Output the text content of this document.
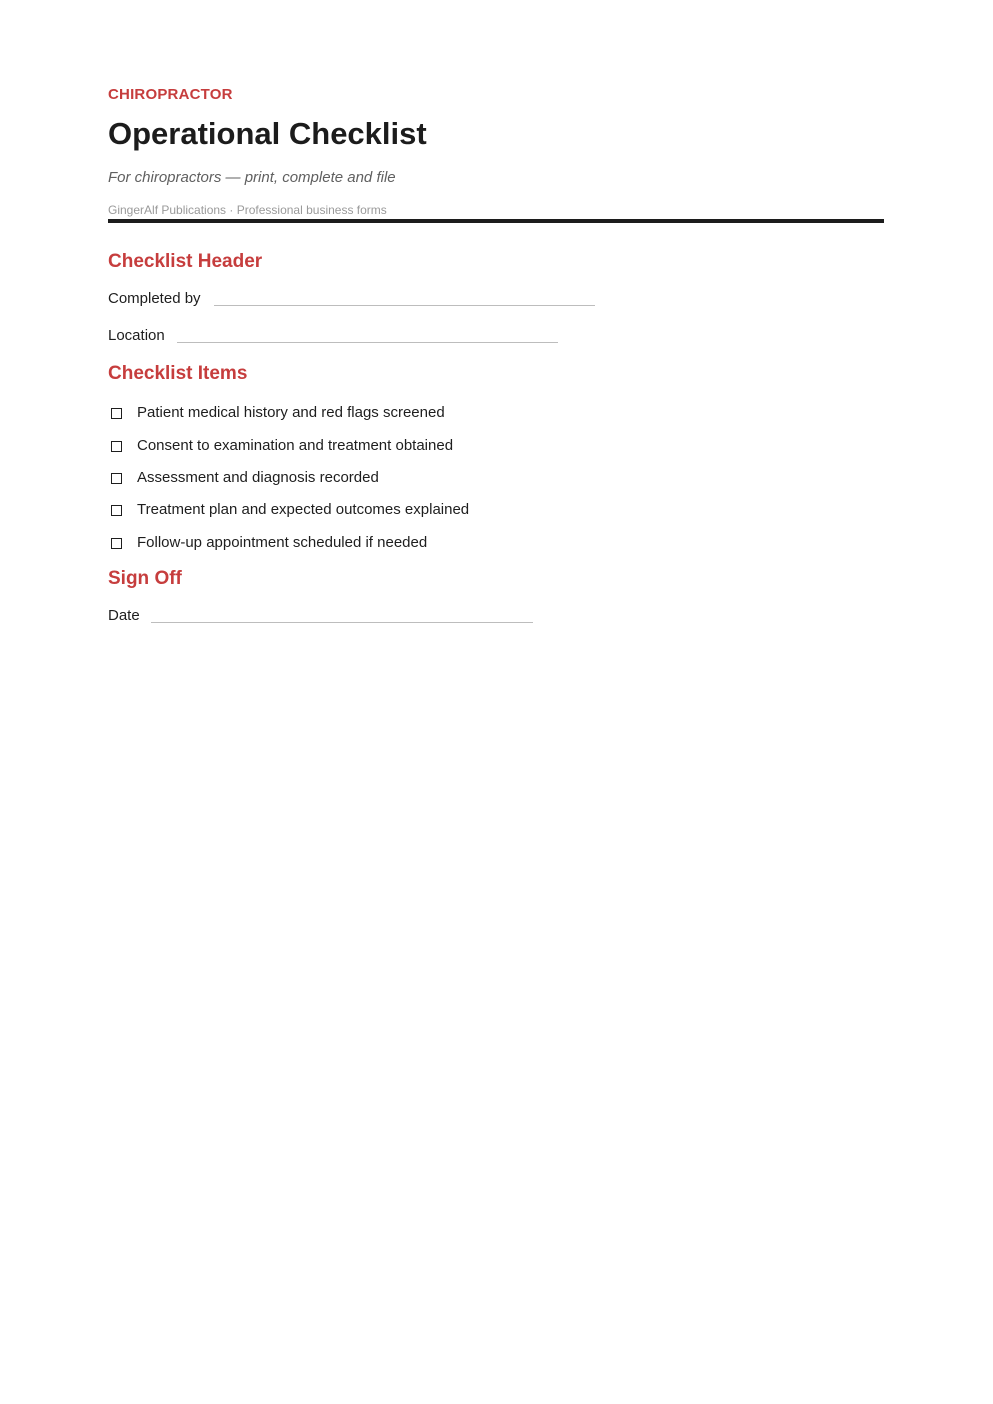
CHIROPRACTOR
Operational Checklist
For chiropractors — print, complete and file
GingerAlf Publications · Professional business forms
Checklist Header
Completed by
Location
Checklist Items
Patient medical history and red flags screened
Consent to examination and treatment obtained
Assessment and diagnosis recorded
Treatment plan and expected outcomes explained
Follow-up appointment scheduled if needed
Sign Off
Date
